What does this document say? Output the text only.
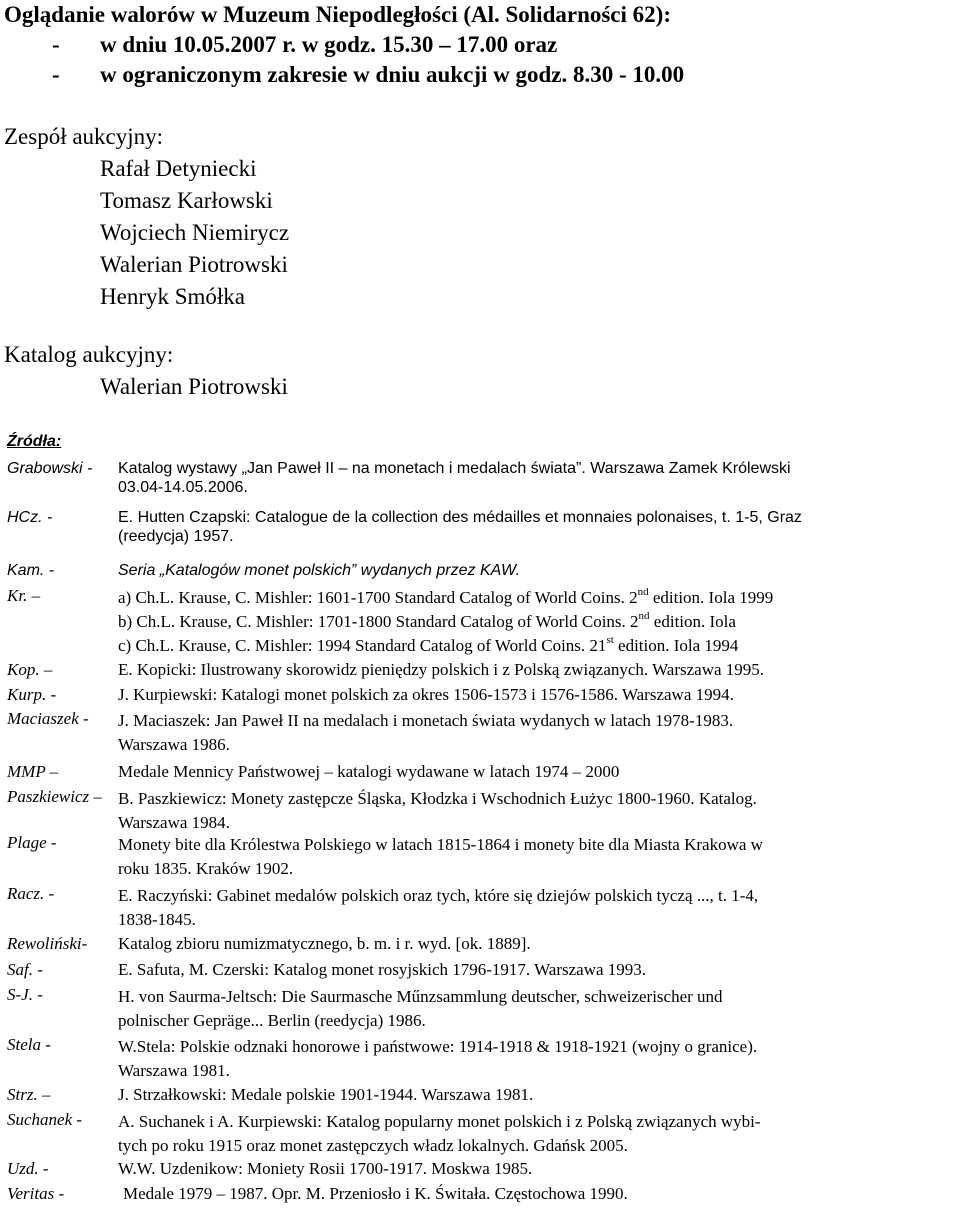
Oglądanie walorów w Muzeum Niepodległości (Al. Solidarności 62):
- w dniu 10.05.2007 r. w godz. 15.30 – 17.00 oraz
- w ograniczonym zakresie w dniu aukcji w godz. 8.30 - 10.00
Zespół aukcyjny:
Rafał Detyniecki
Tomasz Karłowski
Wojciech Niemirycz
Walerian Piotrowski
Henryk Smółka
Katalog aukcyjny:
Walerian Piotrowski
Źródła:
Grabowski - Katalog wystawy „Jan Paweł II – na monetach i medalach świata”. Warszawa Zamek Królewski
03.04-14.05.2006.
HCz. -	E. Hutten Czapski: Catalogue de la collection des médailles et monnaies polonaises, t. 1-5, Graz
(reedycja) 1957.
Kam. -	Seria „Katalogów monet polskich” wydanych przez KAW.
Kr. –	a) Ch.L. Krause, C. Mishler: 1601-1700 Standard Catalog of World Coins. 2nd edition. Iola 1999
b) Ch.L. Krause, C. Mishler: 1701-1800 Standard Catalog of World Coins. 2nd edition. Iola
c) Ch.L. Krause, C. Mishler: 1994 Standard Catalog of World Coins. 21st edition. Iola 1994
Kop. –	E. Kopicki: Ilustrowany skorowidz pieniędzy polskich i z Polską związanych. Warszawa 1995.
Kurp. -	J. Kurpiewski: Katalogi monet polskich za okres 1506-1573 i 1576-1586. Warszawa 1994.
Maciaszek - J. Maciaszek: Jan Paweł II na medalach i monetach świata wydanych w latach 1978-1983.
Warszawa 1986.
MMP –	Medale Mennicy Państwowej – katalogi wydawane w latach 1974 – 2000
Paszkiewicz – B. Paszkiewicz: Monety zastępcze Śląska, Kłodzka i Wschodnich Łużyc 1800-1960. Katalog.
Warszawa 1984.
Plage -	Monety bite dla Królestwa Polskiego w latach 1815-1864 i monety bite dla Miasta Krakowa w
roku 1835. Kraków 1902.
Racz. -	E. Raczyński: Gabinet medalów polskich oraz tych, które się dziejów polskich tyczą ..., t. 1-4,
1838-1845.
Rewoliński- Katalog zbioru numizmatycznego, b. m. i r. wyd. [ok. 1889].
Saf. -	E. Safuta, M. Czerski: Katalog monet rosyjskich 1796-1917. Warszawa 1993.
S-J. -	H. von Saurma-Jeltsch: Die Saurmasche Műnzsammlung deutscher, schweizerischer und
polnischer Gepräge... Berlin (reedycja) 1986.
Stela -	W.Stela: Polskie odznaki honorowe i państwowe: 1914-1918 & 1918-1921 (wojny o granice).
Warszawa 1981.
Strz. –	J. Strzałkowski: Medale polskie 1901-1944. Warszawa 1981.
Suchanek - A. Suchanek i A. Kurpiewski: Katalog popularny monet polskich i z Polską związanych wybi-
tych po roku 1915 oraz monet zastępczych władz lokalnych. Gdańsk 2005.
Uzd. -	W.W. Uzdenikow: Moniety Rosii 1700-1917. Moskwa 1985.
Veritas -	Medale 1979 – 1987. Opr. M. Przeniosło i K. Świtała. Częstochowa 1990.
